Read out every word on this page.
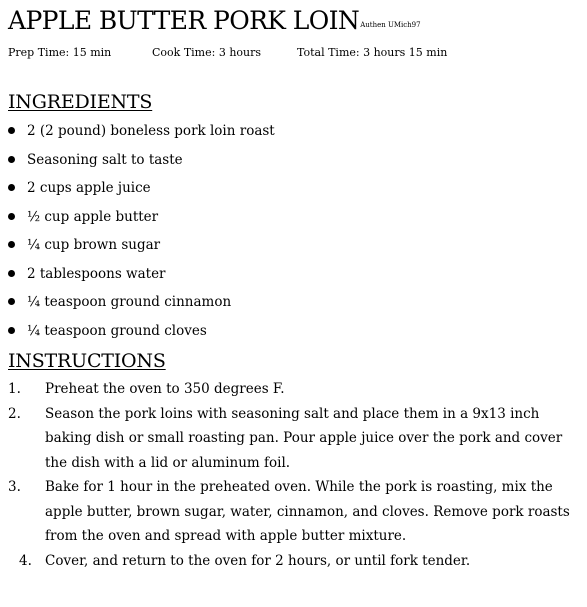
APPLE BUTTER PORK LOINAuthen UMich97
Prep Time: 15 min	Cook Time: 3 hours	Total Time: 3 hours 15 min
INGREDIENTS
2 (2 pound) boneless pork loin roast
Seasoning salt to taste
2 cups apple juice
½ cup apple butter
¼ cup brown sugar
2 tablespoons water
¼ teaspoon ground cinnamon
¼ teaspoon ground cloves
INSTRUCTIONS
1. Preheat the oven to 350 degrees F.
2. Season the pork loins with seasoning salt and place them in a 9x13 inch baking dish or small roasting pan. Pour apple juice over the pork and cover the dish with a lid or aluminum foil.
3. Bake for 1 hour in the preheated oven. While the pork is roasting, mix the apple butter, brown sugar, water, cinnamon, and cloves. Remove pork roasts from the oven and spread with apple butter mixture.
4. Cover, and return to the oven for 2 hours, or until fork tender.
